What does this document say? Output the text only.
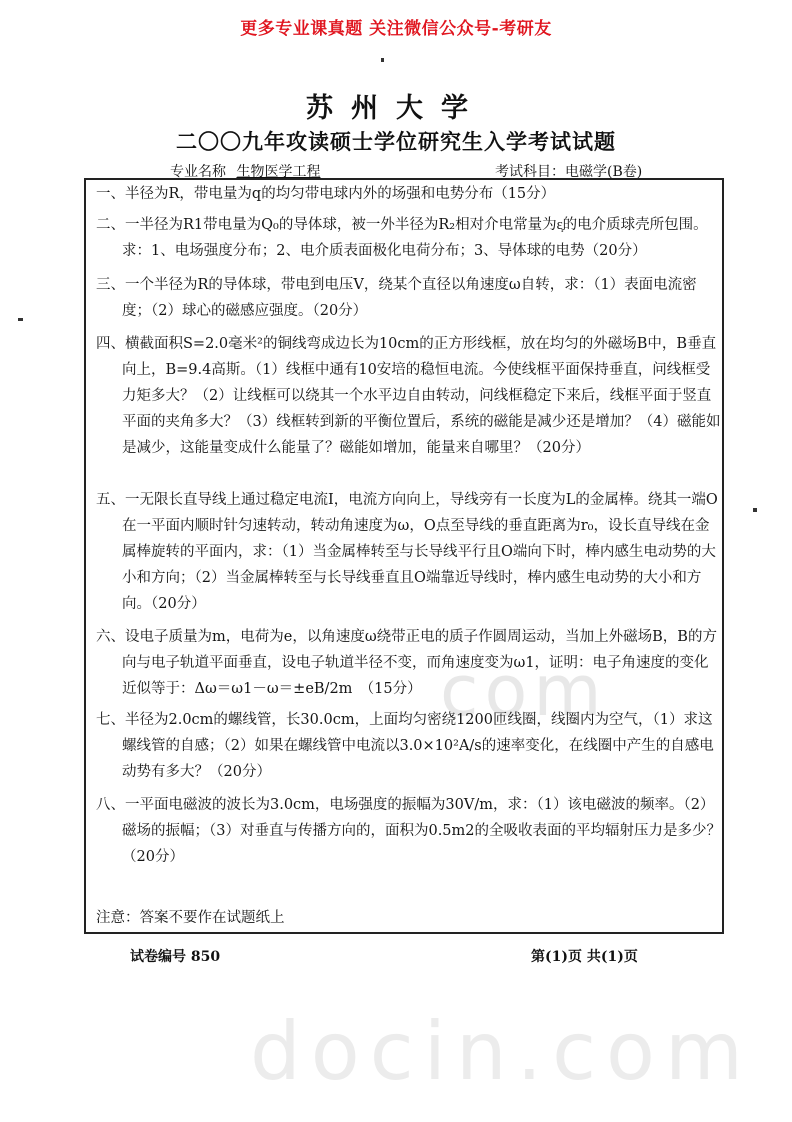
更多专业课真题 关注微信公众号-考研友
苏州大学
二〇〇九年攻读硕士学位研究生入学考试试题
专业名称 生物医学工程	考试科目：电磁学(B卷)
com
docin.com
一、半径为R，带电量为q的均匀带电球内外的场强和电势分布（15分）
二、一半径为R1带电量为Q₀的导体球，被一外半径为R₂相对介电常量为ε᷊的电介质球壳所包围。求：1、电场强度分布；2、电介质表面极化电荷分布；3、导体球的电势（20分）
三、一个半径为R的导体球，带电到电压V，绕某个直径以角速度ω自转，求：（1）表面电流密度；（2）球心的磁感应强度。（20分）
四、横截面积S=2.0毫米²的铜线弯成边长为10cm的正方形线框，放在均匀的外磁场B中，B垂直向上，B=9.4高斯。（1）线框中通有10安培的稳恒电流。今使线框平面保持垂直，问线框受力矩多大？（2）让线框可以绕其一个水平边自由转动，问线框稳定下来后，线框平面于竖直平面的夹角多大？（3）线框转到新的平衡位置后，系统的磁能是减少还是增加？（4）磁能如是减少，这能量变成什么能量了？磁能如增加，能量来自哪里？（20分）
五、一无限长直导线上通过稳定电流I，电流方向向上，导线旁有一长度为L的金属棒。绕其一端O在一平面内顺时针匀速转动，转动角速度为ω，O点至导线的垂直距离为r₀，设长直导线在金属棒旋转的平面内，求：（1）当金属棒转至与长导线平行且O端向下时，棒内感生电动势的大小和方向；（2）当金属棒转至与长导线垂直且O端靠近导线时，棒内感生电动势的大小和方向。（20分）
六、设电子质量为m，电荷为e，以角速度ω绕带正电的质子作圆周运动，当加上外磁场B，B的方向与电子轨道平面垂直，设电子轨道半径不变，而角速度变为ω1，证明：电子角速度的变化近似等于：Δω＝ω1－ω＝±eB/2m　（15分）
七、半径为2.0cm的螺线管，长30.0cm，上面均匀密绕1200匝线圈，线圈内为空气，（1）求这螺线管的自感；（2）如果在螺线管中电流以3.0×10²A/s的速率变化，在线圈中产生的自感电动势有多大？（20分）
八、一平面电磁波的波长为3.0cm，电场强度的振幅为30V/m，求：（1）该电磁波的频率。（2）磁场的振幅；（3）对垂直与传播方向的，面积为0.5m2的全吸收表面的平均辐射压力是多少？（20分）
注意：答案不要作在试题纸上
试卷编号 850	第(1)页 共(1)页
